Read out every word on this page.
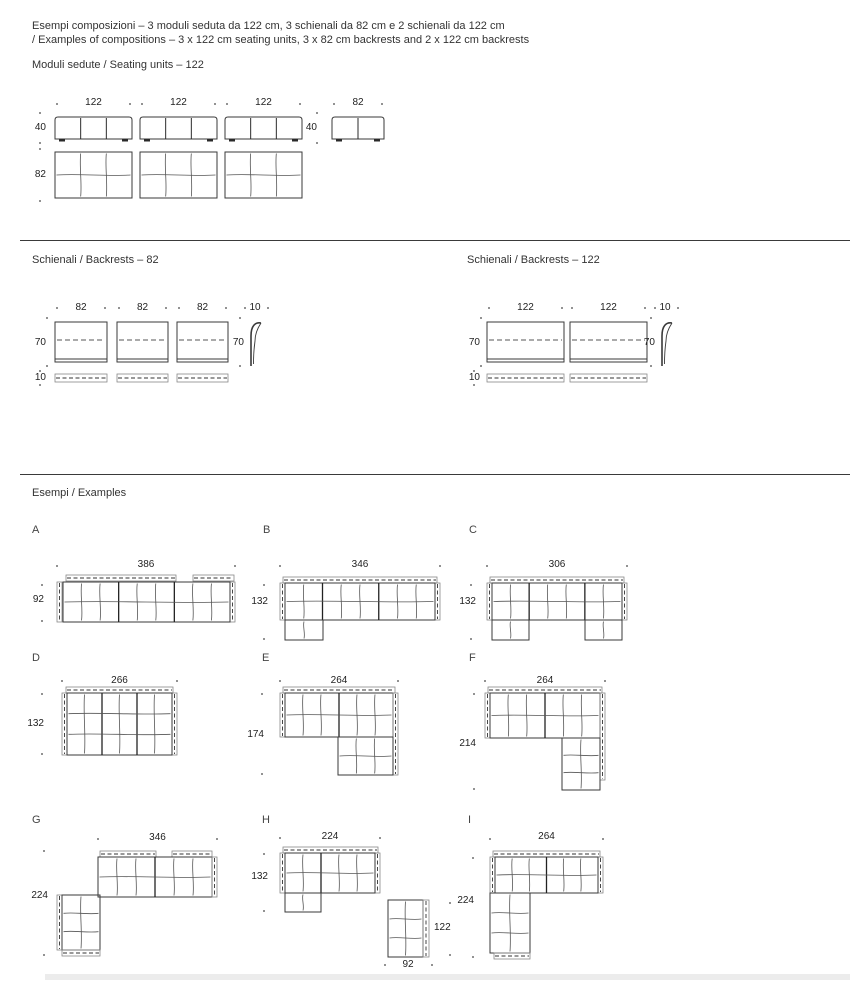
Esempi composizioni – 3 moduli seduta da 122 cm, 3 schienali da 82 cm e 2 schienali da 122 cm
/ Examples of compositions – 3 x 122 cm seating units, 3 x 82 cm backrests and 2 x 122 cm backrests
Moduli sedute / Seating units – 122
122	122	122	82
40	40
82
Schienali / Backrests – 82
82	82	82	10
70	70
10
Schienali / Backrests – 122
122	122	10
70	70
10
Esempi / Examples
A
386
92
B
346
132
C
306
132
D
266
132
E
264
174
F
264
214
G
346
224
H
224
132
122
92
I
264
224
